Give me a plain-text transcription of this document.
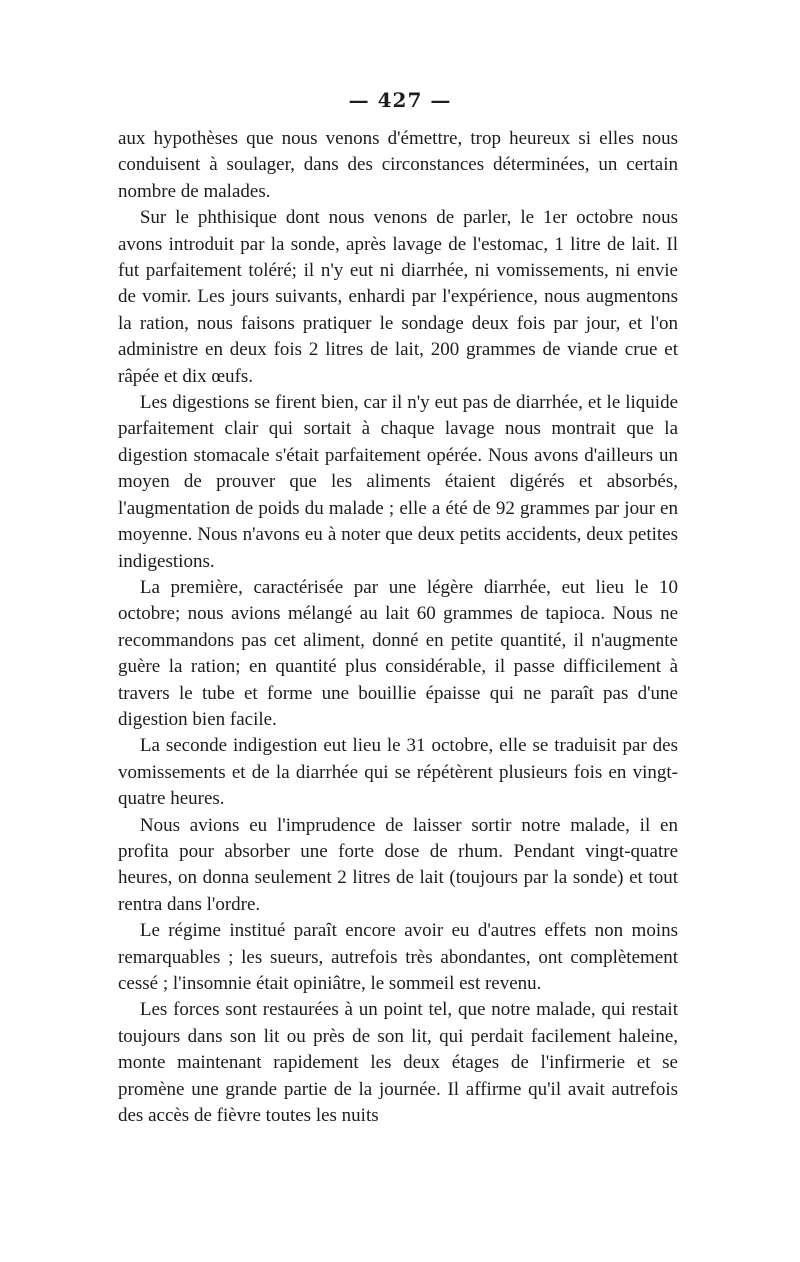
— 427 —

aux hypothèses que nous venons d'émettre, trop heureux si elles nous conduisent à soulager, dans des circonstances déterminées, un certain nombre de malades.

Sur le phthisique dont nous venons de parler, le 1er octobre nous avons introduit par la sonde, après lavage de l'estomac, 1 litre de lait. Il fut parfaitement toléré; il n'y eut ni diarrhée, ni vomissements, ni envie de vomir. Les jours suivants, enhardi par l'expérience, nous augmentons la ration, nous faisons pratiquer le sondage deux fois par jour, et l'on administre en deux fois 2 litres de lait, 200 grammes de viande crue et râpée et dix œufs.

Les digestions se firent bien, car il n'y eut pas de diarrhée, et le liquide parfaitement clair qui sortait à chaque lavage nous montrait que la digestion stomacale s'était parfaitement opérée. Nous avons d'ailleurs un moyen de prouver que les aliments étaient digérés et absorbés, l'augmentation de poids du malade ; elle a été de 92 grammes par jour en moyenne. Nous n'avons eu à noter que deux petits accidents, deux petites indigestions.

La première, caractérisée par une légère diarrhée, eut lieu le 10 octobre; nous avions mélangé au lait 60 grammes de tapioca. Nous ne recommandons pas cet aliment, donné en petite quantité, il n'augmente guère la ration; en quantité plus considérable, il passe difficilement à travers le tube et forme une bouillie épaisse qui ne paraît pas d'une digestion bien facile.

La seconde indigestion eut lieu le 31 octobre, elle se traduisit par des vomissements et de la diarrhée qui se répétèrent plusieurs fois en vingt-quatre heures.

Nous avions eu l'imprudence de laisser sortir notre malade, il en profita pour absorber une forte dose de rhum. Pendant vingt-quatre heures, on donna seulement 2 litres de lait (toujours par la sonde) et tout rentra dans l'ordre.

Le régime institué paraît encore avoir eu d'autres effets non moins remarquables ; les sueurs, autrefois très abondantes, ont complètement cessé ; l'insomnie était opiniâtre, le sommeil est revenu.

Les forces sont restaurées à un point tel, que notre malade, qui restait toujours dans son lit ou près de son lit, qui perdait facilement haleine, monte maintenant rapidement les deux étages de l'infirmerie et se promène une grande partie de la journée. Il affirme qu'il avait autrefois des accès de fièvre toutes les nuits
